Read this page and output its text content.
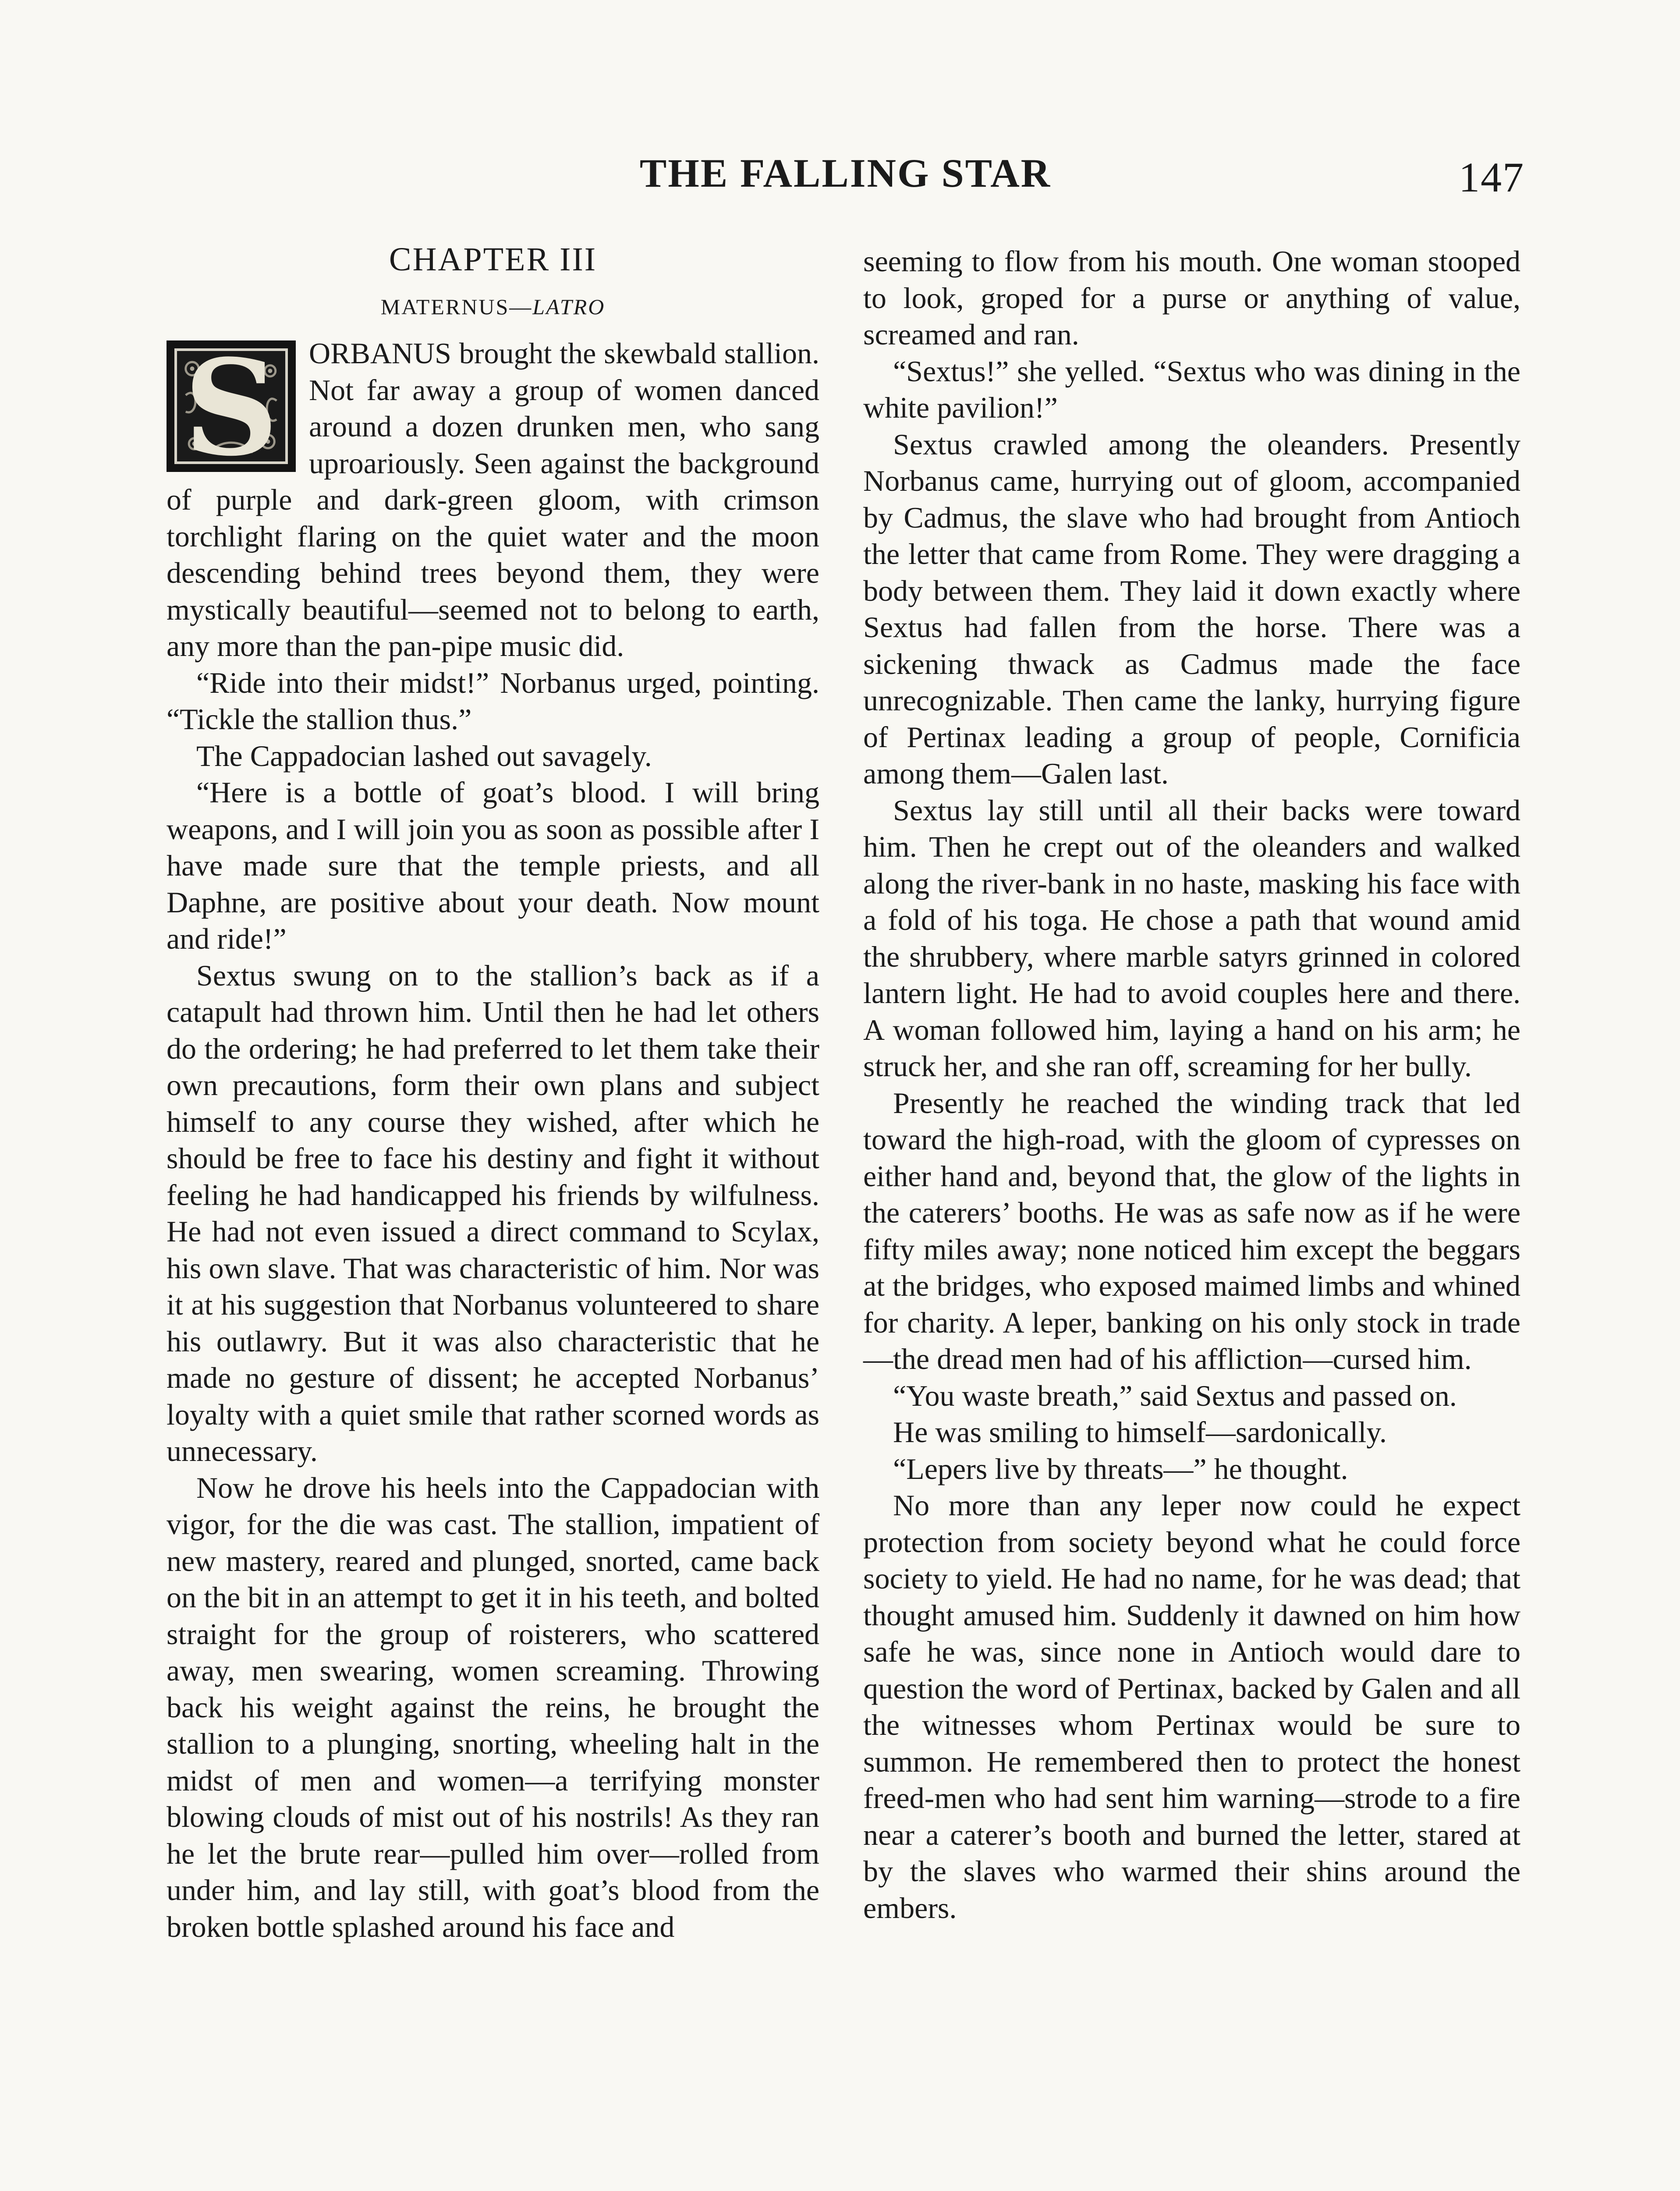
THE FALLING STAR	147
CHAPTER III
MATERNUS—LATRO

S ORBANUS brought the skewbald stallion. Not far away a group of women danced around a dozen drunken men, who sang uproariously. Seen against the background of purple and dark-green gloom, with crimson torchlight flaring on the quiet water and the moon descending behind trees beyond them, they were mystically beautiful—seemed not to belong to earth, any more than the pan-pipe music did.

“Ride into their midst!” Norbanus urged, pointing. “Tickle the stallion thus.”

The Cappadocian lashed out savagely.

“Here is a bottle of goat’s blood. I will bring weapons, and I will join you as soon as possible after I have made sure that the temple priests, and all Daphne, are positive about your death. Now mount and ride!”

Sextus swung on to the stallion’s back as if a catapult had thrown him. Until then he had let others do the ordering; he had preferred to let them take their own precautions, form their own plans and subject himself to any course they wished, after which he should be free to face his destiny and fight it without feeling he had handicapped his friends by wilfulness. He had not even issued a direct command to Scylax, his own slave. That was characteristic of him. Nor was it at his suggestion that Norbanus volunteered to share his outlawry. But it was also characteristic that he made no gesture of dissent; he accepted Norbanus’ loyalty with a quiet smile that rather scorned words as unnecessary.

Now he drove his heels into the Cappadocian with vigor, for the die was cast. The stallion, impatient of new mastery, reared and plunged, snorted, came back on the bit in an attempt to get it in his teeth, and bolted straight for the group of roisterers, who scattered away, men swearing, women screaming. Throwing back his weight against the reins, he brought the stallion to a plunging, snorting, wheeling halt in the midst of men and women—a terrifying monster blowing clouds of mist out of his nostrils! As they ran he let the brute rear—pulled him over—rolled from under him, and lay still, with goat’s blood from the broken bottle splashed around his face and

seeming to flow from his mouth. One woman stooped to look, groped for a purse or anything of value, screamed and ran.

“Sextus!” she yelled. “Sextus who was dining in the white pavilion!”

Sextus crawled among the oleanders. Presently Norbanus came, hurrying out of gloom, accompanied by Cadmus, the slave who had brought from Antioch the letter that came from Rome. They were dragging a body between them. They laid it down exactly where Sextus had fallen from the horse. There was a sickening thwack as Cadmus made the face unrecognizable. Then came the lanky, hurrying figure of Pertinax leading a group of people, Cornificia among them—Galen last.

Sextus lay still until all their backs were toward him. Then he crept out of the oleanders and walked along the river-bank in no haste, masking his face with a fold of his toga. He chose a path that wound amid the shrubbery, where marble satyrs grinned in colored lantern light. He had to avoid couples here and there. A woman followed him, laying a hand on his arm; he struck her, and she ran off, screaming for her bully.

Presently he reached the winding track that led toward the high-road, with the gloom of cypresses on either hand and, beyond that, the glow of the lights in the caterers’ booths. He was as safe now as if he were fifty miles away; none noticed him except the beggars at the bridges, who exposed maimed limbs and whined for charity. A leper, banking on his only stock in trade—the dread men had of his affliction—cursed him.

“You waste breath,” said Sextus and passed on.

He was smiling to himself—sardonically.

“Lepers live by threats—” he thought.

No more than any leper now could he expect protection from society beyond what he could force society to yield. He had no name, for he was dead; that thought amused him. Suddenly it dawned on him how safe he was, since none in Antioch would dare to question the word of Pertinax, backed by Galen and all the witnesses whom Pertinax would be sure to summon. He remembered then to protect the honest freed-men who had sent him warning—strode to a fire near a caterer’s booth and burned the letter, stared at by the slaves who warmed their shins around the embers.
